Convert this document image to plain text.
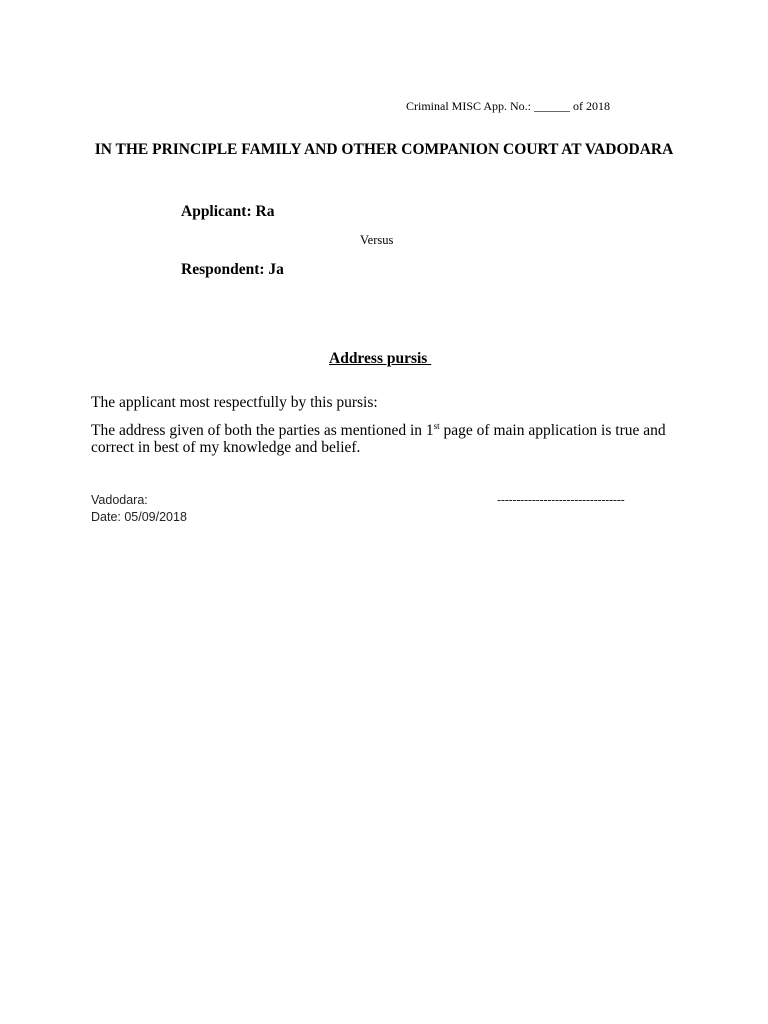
Criminal MISC App. No.: ______ of 2018
IN THE PRINCIPLE FAMILY AND OTHER COMPANION COURT AT VADODARA
Applicant: Ra
Versus
Respondent: Ja
Address pursis
The applicant most respectfully by this pursis:
The address given of both the parties as mentioned in 1st page of main application is true and correct in best of my knowledge and belief.
Vadodara:
Date: 05/09/2018
---------------------------------
